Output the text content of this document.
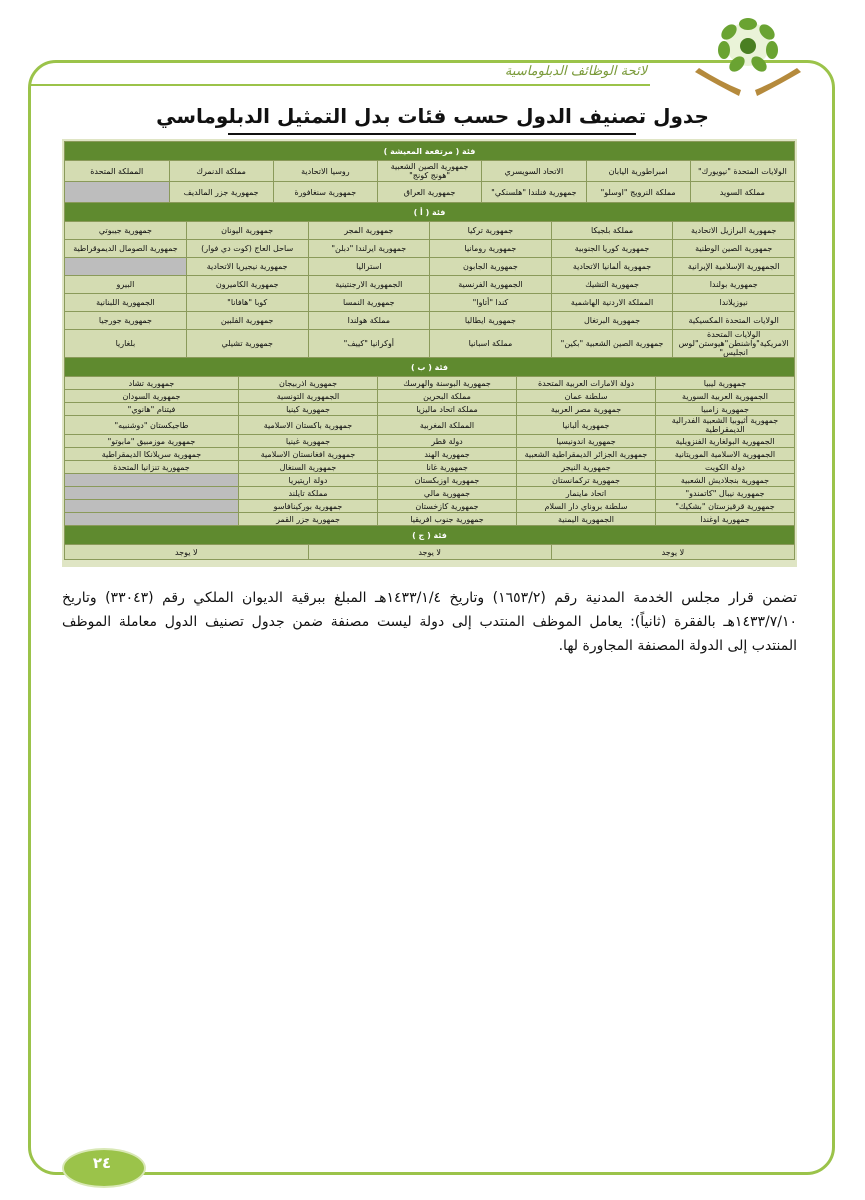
لائحة الوظائف الدبلوماسية
جدول تصنيف الدول حسب فئات بدل التمثيل الدبلوماسي
فئة ( مرتفعة المعيشة )														
الولايات المتحدة "نيويورك"	امبراطورية اليابان			الاتحاد السويسري			جمهورية الصين الشعبية "هونج كونج"		روسيا الاتحادية		مملكة الدنمرك			المملكة المتحدة
مملكة السويد	مملكة النرويج "اوسلو"			جمهورية فنلندا "هلسنكي"			جمهورية العراق		جمهورية سنغافورة		جمهورية جزر المالديف			
فئة ( أ )														
جمهورية البرازيل الاتحادية		مملكة بلجيكا			جمهورية تركيا			جمهورية المجر		جمهورية اليونان			جمهورية جيبوتي	
جمهورية الصين الوطنية		جمهورية كوريا الجنوبية			جمهورية رومانيا			جمهورية ايرلندا "دبلن"		ساحل العاج (كوت دي فوار)			جمهورية الصومال الديموقراطية	
الجمهورية الإسلامية الإيرانية		جمهورية ألمانيا الاتحادية			جمهورية الجابون			استراليا		جمهورية نيجيريا الاتحادية				
جمهورية بولندا		جمهورية التشيك			الجمهورية الفرنسية			الجمهورية الارجنتينية		جمهورية الكاميرون			البيرو	
نيوزيلاندا		المملكة الاردنية الهاشمية			كندا "أتاوا"			جمهورية النمسا		كوبا "هافانا"			الجمهورية اللبنانية	
الولايات المتحدة المكسيكية		جمهورية البرتغال			جمهورية ايطاليا			مملكة هولندا		جمهورية الفلبين			جمهورية جورجيا	
الولايات المتحدة الامريكية"واشنطن"هيوستن"لوس انجليس"		جمهورية الصين الشعبية "بكين"			مملكة اسبانيا			أوكرانيا "كييف"		جمهورية تشيلي			بلغاريا	
فئة ( ب )														
جمهورية ليبيا			دولة الامارات العربية المتحدة			جمهورية البوسنة والهرسك			جمهورية اذربيجان			جمهورية تشاد		
الجمهورية العربية السورية			سلطنة عمان			مملكة البحرين			الجمهورية التونسية			جمهورية السودان		
جمهورية زامبيا			جمهورية مصر العربية			مملكة اتحاد ماليزيا			جمهورية كينيا			فيتنام "هانوي"		
جمهورية أثيوبيا الشعبية الفدرالية الديمقراطية			جمهورية ألبانيا			المملكة المغربية			جمهورية باكستان الاسلامية			طاجيكستان "دوشنبيه"		
الجمهورية البولغارية الفنزويلية			جمهورية اندونيسيا			دولة قطر			جمهورية غينيا			جمهورية موزمبيق "مابوتو"		
الجمهورية الاسلامية الموريتانية			جمهورية الجزائر الديمقراطية الشعبية			جمهورية الهند			جمهورية افغانستان الاسلامية			جمهورية سريلانكا الديمقراطية		
دولة الكويت			جمهورية النيجر			جمهورية غانا			جمهورية السنغال			جمهورية تنزانيا المتحدة		
جمهورية بنجلاديش الشعبية			جمهورية تركمانستان			جمهورية اوزبكستان			دولة اريتيريا					
جمهورية نيبال "كاتمندو"			اتحاد ماينمار			جمهورية مالي			مملكة تايلند					
جمهورية قرقيزستان "بشكيك"			سلطنة بروناي دار السلام			جمهورية كازخستان			جمهورية بوركينافاسو					
جمهورية اوغندا			الجمهورية اليمنية			جمهورية جنوب افريقيا			جمهورية جزر القمر					
فئة ( ج )														
لا يوجد					لا يوجد					لا يوجد				
تضمن قرار مجلس الخدمة المدنية رقم (١٦٥٣/٢) وتاريخ ١٤٣٣/١/٤هـ المبلغ ببرقية الديوان الملكي رقم (٣٣٠٤٣) وتاريخ ١٤٣٣/٧/١٠هـ بالفقرة (ثانياً): يعامل الموظف المنتدب إلى دولة ليست مصنفة ضمن جدول تصنيف الدول معاملة الموظف المنتدب إلى الدولة المصنفة المجاورة لها.
٢٤
